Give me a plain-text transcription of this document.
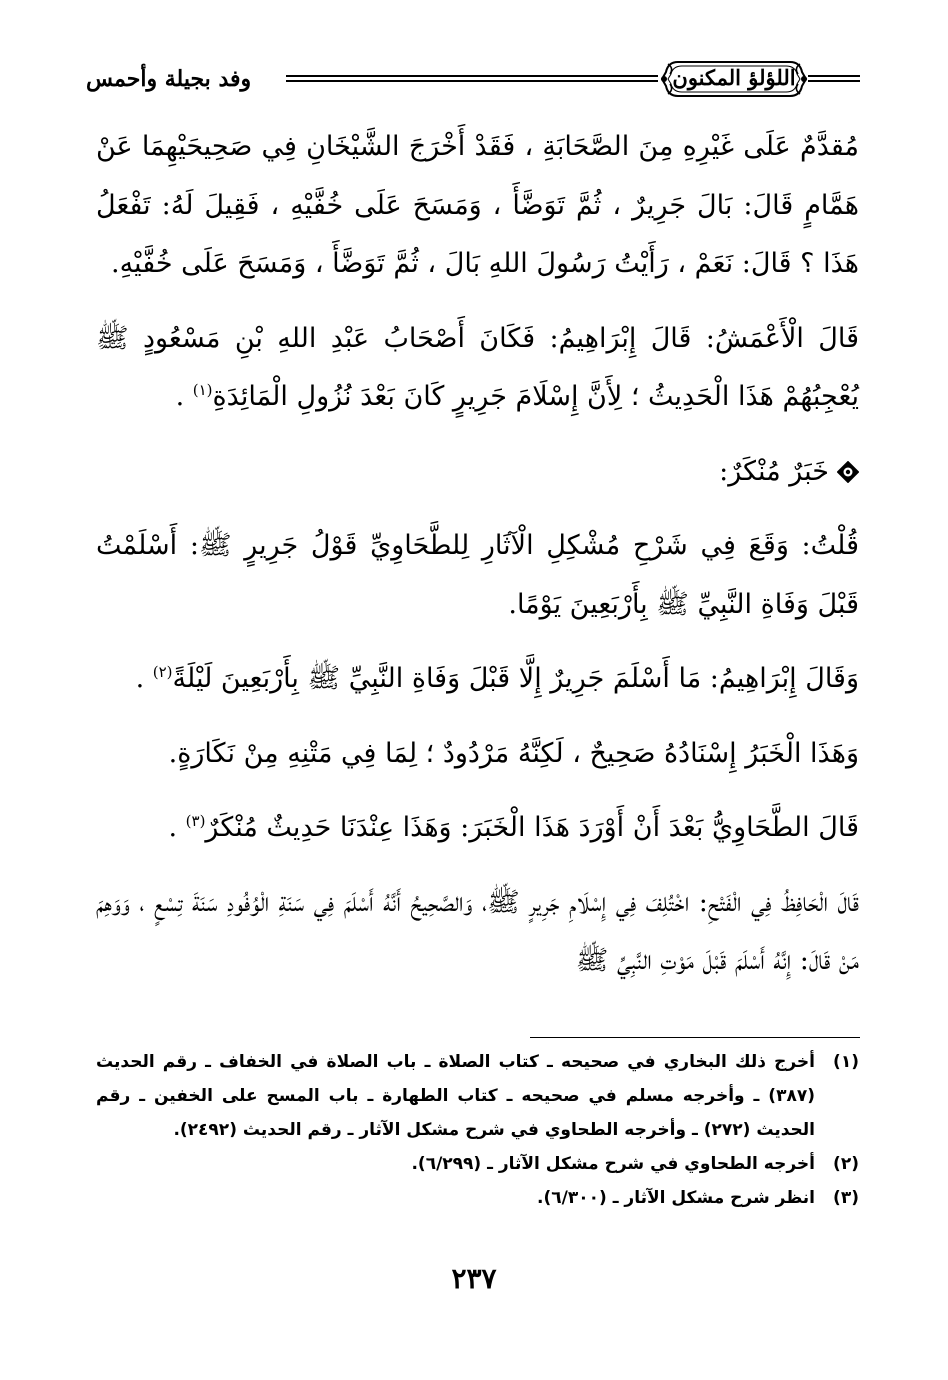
وفد بجيلة وأحمس	اللؤلؤ المكنون

مُقدَّمٌ عَلَى غَيْرِهِ مِنَ الصَّحَابَةِ ، فَقَدْ أَخْرَجَ الشَّيْخَانِ فِي صَحِيحَيْهِمَا عَنْ هَمَّامٍ قَالَ: بَالَ جَرِيرٌ ، ثُمَّ تَوَضَّأَ ، وَمَسَحَ عَلَى خُفَّيْهِ ، فَقِيلَ لَهُ: تَفْعَلُ هَذَا ؟ قَالَ: نَعَمْ ، رَأَيْتُ رَسُولَ اللهِ بَالَ ، ثُمَّ تَوَضَّأَ ، وَمَسَحَ عَلَى خُفَّيْهِ.

قَالَ الْأَعْمَشُ: قَالَ إِبْرَاهِيمُ: فَكَانَ أَصْحَابُ عَبْدِ اللهِ بْنِ مَسْعُودٍ ﷺ يُعْجِبُهُمْ هَذَا الْحَدِيثُ ؛ لِأَنَّ إِسْلَامَ جَرِيرٍ كَانَ بَعْدَ نُزُولِ الْمَائِدَةِ$^{(١)}$ .

خَبَرٌ مُنْكَرٌ:

قُلْتُ: وَقَعَ فِي شَرْحِ مُشْكِلِ الْآثَارِ لِلطَّحَاوِيِّ قَوْلُ جَرِيرٍ ﷺ: أَسْلَمْتُ قَبْلَ وَفَاةِ النَّبِيِّ ﷺ بِأَرْبَعِينَ يَوْمًا.

وَقَالَ إِبْرَاهِيمُ: مَا أَسْلَمَ جَرِيرٌ إِلَّا قَبْلَ وَفَاةِ النَّبِيِّ ﷺ بِأَرْبَعِينَ لَيْلَةً$^{(٢)}$ .

وَهَذَا الْخَبَرُ إِسْنَادُهُ صَحِيحٌ ، لَكِنَّهُ مَرْدُودٌ ؛ لِمَا فِي مَتْنِهِ مِنْ نَكَارَةٍ.

قَالَ الطَّحَاوِيُّ بَعْدَ أَنْ أَوْرَدَ هَذَا الْخَبَرَ: وَهَذَا عِنْدَنَا حَدِيثٌ مُنْكَرٌ$^{(٣)}$ .

قَالَ الْحَافِظُ فِي الْفَتْحِ: اخْتُلِفَ فِي إِسْلَامِ جَرِيرٍ ﷺ، وَالصَّحِيحُ أَنَّهُ أَسْلَمَ فِي سَنَةِ الْوُفُودِ سَنَةَ تِسْعٍ ، وَوَهِمَ مَنْ قَالَ: إِنَّهُ أَسْلَمَ قَبْلَ مَوْتِ النَّبِيِّ ﷺ

(١)
أخرج ذلك البخاري في صحيحه ـ كتاب الصلاة ـ باب الصلاة في الخفاف ـ رقم الحديث (٣٨٧) ـ وأخرجه مسلم في صحيحه ـ كتاب الطهارة ـ باب المسح على الخفين ـ رقم الحديث (٢٧٢) ـ وأخرجه الطحاوي في شرح مشكل الآثار ـ رقم الحديث (٢٤٩٢).
(٢)
أخرجه الطحاوي في شرح مشكل الآثار ـ (٦/٢٩٩).
(٣)
انظر شرح مشكل الآثار ـ (٦/٣٠٠).
٢٣٧
